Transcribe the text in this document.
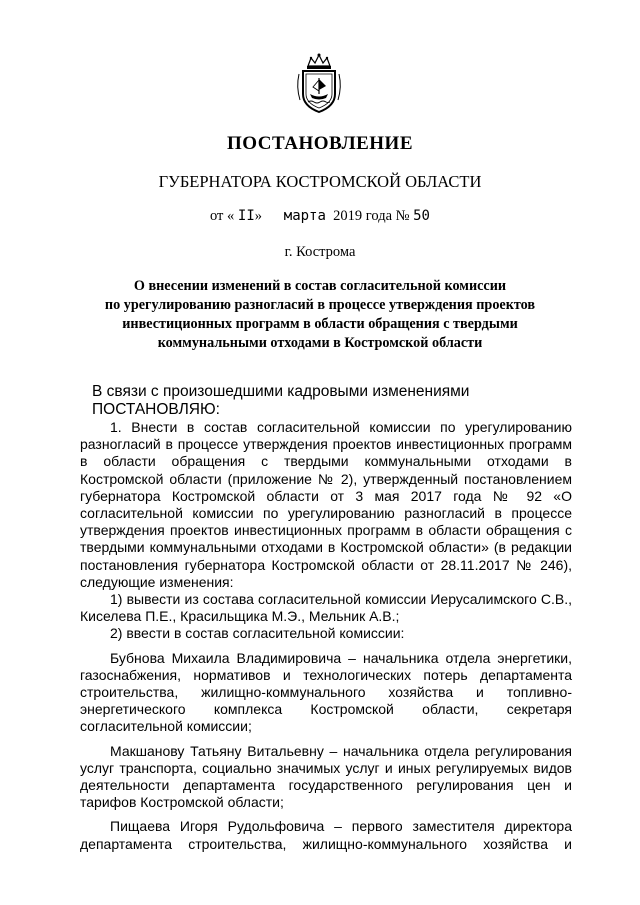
ПОСТАНОВЛЕНИЕ
ГУБЕРНАТОРА КОСТРОМСКОЙ ОБЛАСТИ
от « II» марта 2019 года № 50
г. Кострома
О внесении изменений в состав согласительной комиссии
по урегулированию разногласий в процессе утверждения проектов
инвестиционных программ в области обращения с твердыми
коммунальными отходами в Костромской области

В связи с произошедшими кадровыми изменениями

ПОСТАНОВЛЯЮ:

1. Внести в состав согласительной комиссии по урегулированию разногласий в процессе утверждения проектов инвестиционных программ в области обращения с твердыми коммунальными отходами в Костромской области (приложение № 2), утвержденный постановлением губернатора Костромской области от 3 мая 2017 года № 92 «О согласительной комиссии по урегулированию разногласий в процессе утверждения проектов инвестиционных программ в области обращения с твердыми коммунальными отходами в Костромской области» (в редакции постановления губернатора Костромской области от 28.11.2017 № 246), следующие изменения:

1) вывести из состава согласительной комиссии Иерусалимского С.В., Киселева П.Е., Красильщика М.Э., Мельник А.В.;

2) ввести в состав согласительной комиссии:

Бубнова Михаила Владимировича – начальника отдела энергетики, газоснабжения, нормативов и технологических потерь департамента строительства, жилищно-коммунального хозяйства и топливно-энергетического комплекса Костромской области, секретаря согласительной комиссии;

Макшанову Татьяну Витальевну – начальника отдела регулирования услуг транспорта, социально значимых услуг и иных регулируемых видов деятельности департамента государственного регулирования цен и тарифов Костромской области;

Пищаева Игоря Рудольфовича – первого заместителя директора департамента строительства, жилищно-коммунального хозяйства и
